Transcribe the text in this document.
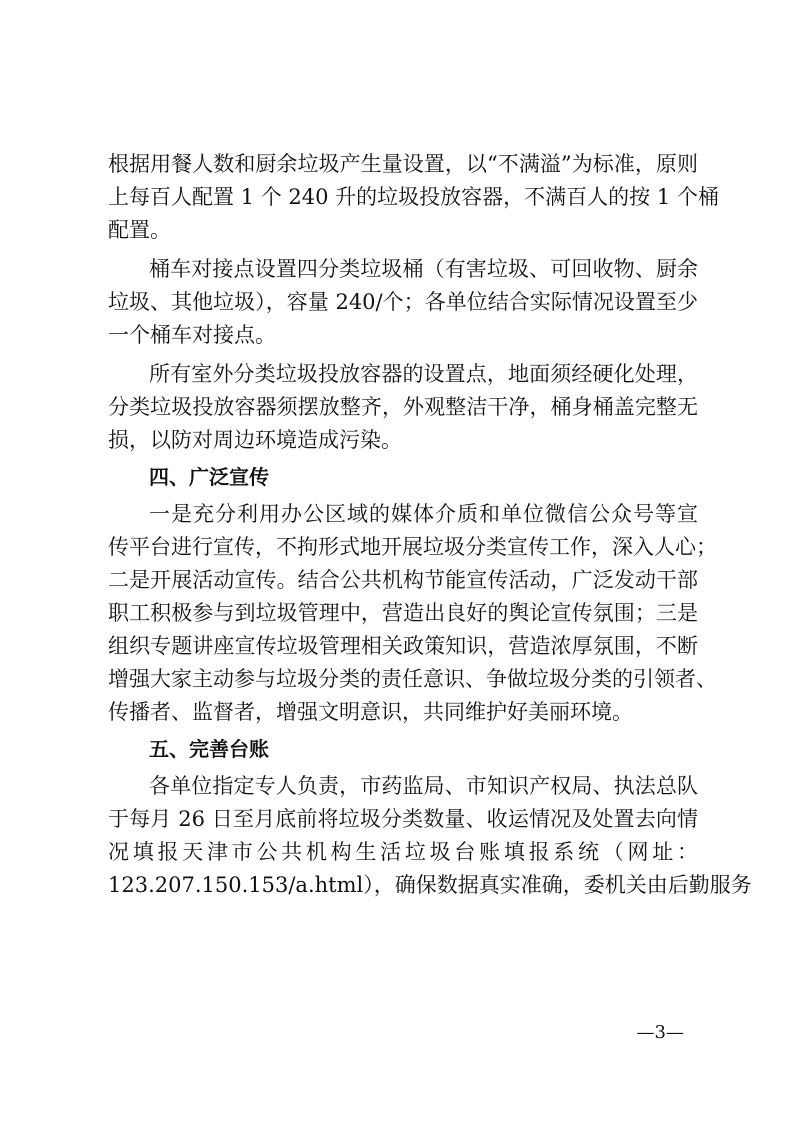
根据用餐人数和厨余垃圾产生量设置，以“不满溢”为标准，原则
上每百人配置 1 个 240 升的垃圾投放容器，不满百人的按 1 个桶
配置。
桶车对接点设置四分类垃圾桶（有害垃圾、可回收物、厨余
垃圾、其他垃圾），容量 240/个；各单位结合实际情况设置至少
一个桶车对接点。
所有室外分类垃圾投放容器的设置点，地面须经硬化处理，
分类垃圾投放容器须摆放整齐，外观整洁干净，桶身桶盖完整无
损，以防对周边环境造成污染。
四、广泛宣传
一是充分利用办公区域的媒体介质和单位微信公众号等宣
传平台进行宣传，不拘形式地开展垃圾分类宣传工作，深入人心；
二是开展活动宣传。结合公共机构节能宣传活动，广泛发动干部
职工积极参与到垃圾管理中，营造出良好的舆论宣传氛围；三是
组织专题讲座宣传垃圾管理相关政策知识，营造浓厚氛围，不断
增强大家主动参与垃圾分类的责任意识、争做垃圾分类的引领者、
传播者、监督者，增强文明意识，共同维护好美丽环境。
五、完善台账
各单位指定专人负责，市药监局、市知识产权局、执法总队
于每月 26 日至月底前将垃圾分类数量、收运情况及处置去向情
况填报天津市公共机构生活垃圾台账填报系统（网址：
123.207.150.153/a.html），确保数据真实准确，委机关由后勤服务
—3—
